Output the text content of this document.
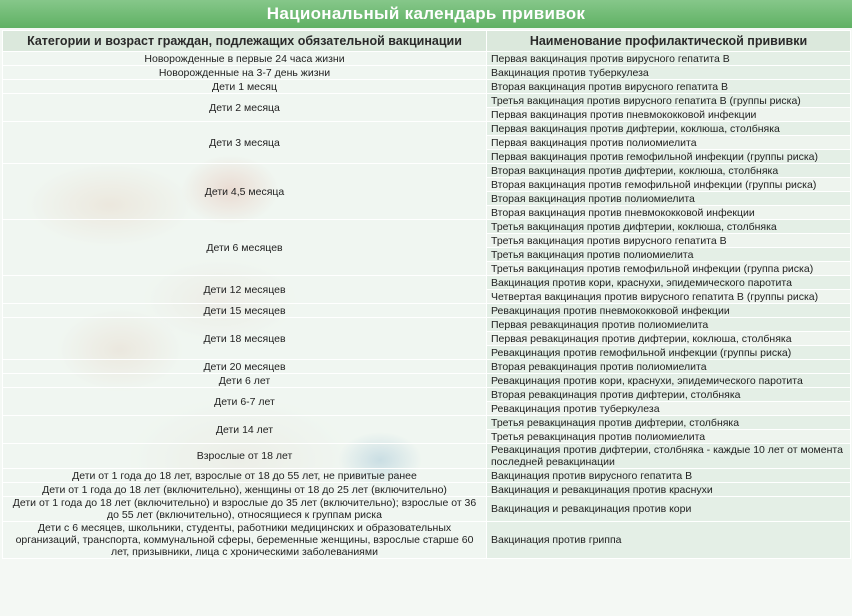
Национальный календарь прививок
Категории и возраст граждан, подлежащих обязательной вакцинации	Наименование профилактической прививки
Новорожденные в первые 24 часа жизни	Первая вакцинация против вирусного гепатита В
Новорожденные на 3-7 день жизни	Вакцинация против туберкулеза
Дети 1 месяц	Вторая вакцинация против вирусного гепатита В
Дети 2 месяца	Третья вакцинация против вирусного гепатита В (группы риска)
	Первая вакцинация против пневмококковой инфекции
Дети 3 месяца	Первая вакцинация против дифтерии, коклюша, столбняка
	Первая вакцинация против полиомиелита
	Первая вакцинация против гемофильной инфекции (группы риска)
Дети 4,5 месяца	Вторая вакцинация против дифтерии, коклюша, столбняка
	Вторая вакцинация против гемофильной инфекции (группы риска)
	Вторая вакцинация против полиомиелита
	Вторая вакцинация против пневмококковой инфекции
Дети 6 месяцев	Третья вакцинация против дифтерии, коклюша, столбняка
	Третья вакцинация против вирусного гепатита В
	Третья вакцинация против полиомиелита
	Третья вакцинация против гемофильной инфекции (группа риска)
Дети 12 месяцев	Вакцинация против кори, краснухи, эпидемического паротита
	Четвертая вакцинация против вирусного гепатита В (группы риска)
Дети 15 месяцев	Ревакцинация против пневмококковой инфекции
Дети 18 месяцев	Первая ревакцинация против полиомиелита
	Первая ревакцинация против дифтерии, коклюша, столбняка
	Ревакцинация против гемофильной инфекции (группы риска)
Дети 20 месяцев	Вторая ревакцинация против полиомиелита
Дети 6 лет	Ревакцинация против кори, краснухи, эпидемического паротита
Дети 6-7 лет	Вторая ревакцинация против дифтерии, столбняка
	Ревакцинация против туберкулеза
Дети 14 лет	Третья ревакцинация против дифтерии, столбняка
	Третья ревакцинация против полиомиелита
Взрослые от 18 лет	Ревакцинация против дифтерии, столбняка - каждые 10 лет от момента последней ревакцинации
Дети от 1 года до 18 лет, взрослые от 18 до 55 лет, не привитые ранее	Вакцинация против вирусного гепатита В
Дети от 1 года до 18 лет (включительно), женщины от 18 до 25 лет (включительно)	Вакцинация и ревакцинация против краснухи
Дети от 1 года до 18 лет (включительно) и взрослые до 35 лет (включительно); взрослые от 36 до 55 лет (включительно), относящиеся к группам риска	Вакцинация и ревакцинация против кори
Дети с 6 месяцев, школьники, студенты, работники медицинских и образовательных организаций, транспорта, коммунальной сферы, беременные женщины, взрослые старше 60 лет, призывники, лица с хроническими заболеваниями	Вакцинация против гриппа
